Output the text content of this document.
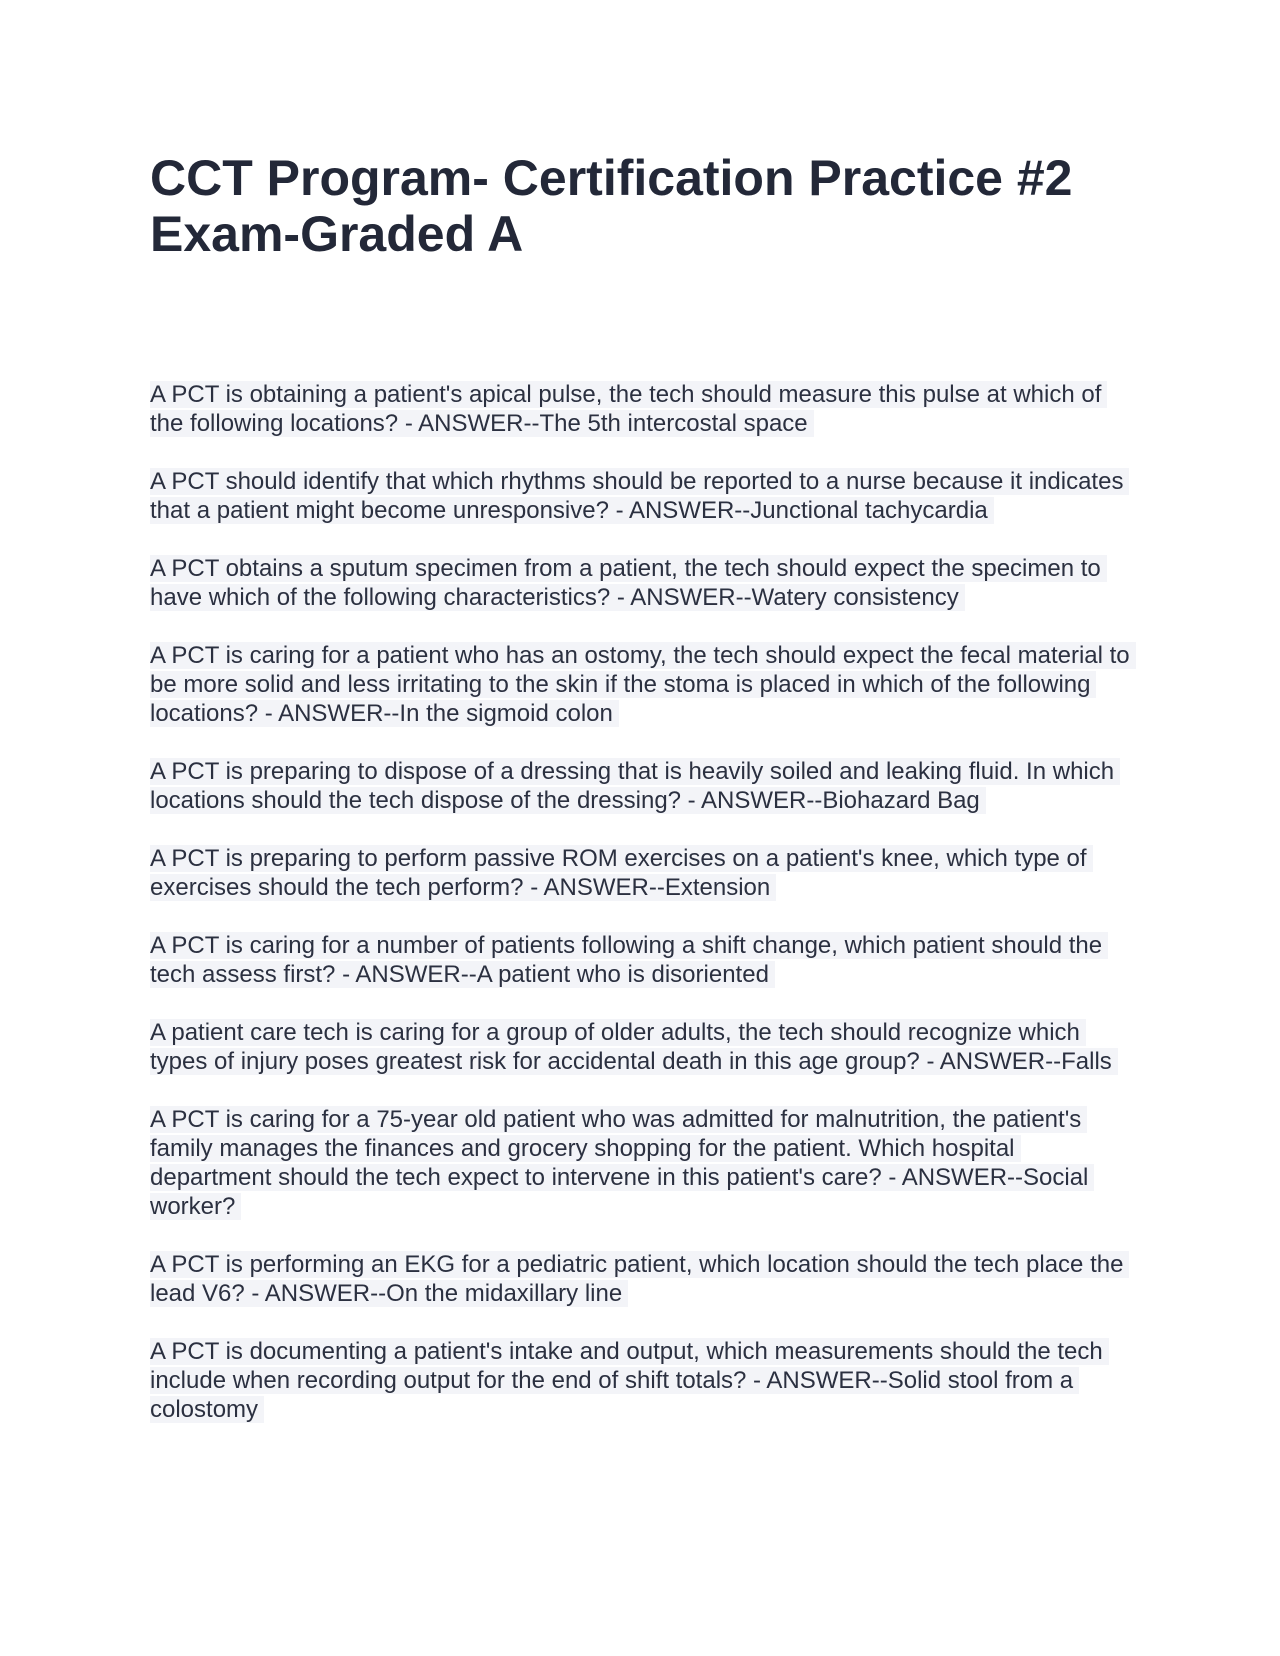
CCT Program- Certification Practice #2 Exam-Graded A

A PCT is obtaining a patient's apical pulse, the tech should measure this pulse at which of the following locations? - ANSWER--The 5th intercostal space

A PCT should identify that which rhythms should be reported to a nurse because it indicates that a patient might become unresponsive? - ANSWER--Junctional tachycardia

A PCT obtains a sputum specimen from a patient, the tech should expect the specimen to have which of the following characteristics? - ANSWER--Watery consistency

A PCT is caring for a patient who has an ostomy, the tech should expect the fecal material to be more solid and less irritating to the skin if the stoma is placed in which of the following locations? - ANSWER--In the sigmoid colon

A PCT is preparing to dispose of a dressing that is heavily soiled and leaking fluid. In which locations should the tech dispose of the dressing? - ANSWER--Biohazard Bag

A PCT is preparing to perform passive ROM exercises on a patient's knee, which type of exercises should the tech perform? - ANSWER--Extension

A PCT is caring for a number of patients following a shift change, which patient should the tech assess first? - ANSWER--A patient who is disoriented

A patient care tech is caring for a group of older adults, the tech should recognize which types of injury poses greatest risk for accidental death in this age group? - ANSWER--Falls

A PCT is caring for a 75-year old patient who was admitted for malnutrition, the patient's family manages the finances and grocery shopping for the patient. Which hospital department should the tech expect to intervene in this patient's care? - ANSWER--Social worker?

A PCT is performing an EKG for a pediatric patient, which location should the tech place the lead V6? - ANSWER--On the midaxillary line

A PCT is documenting a patient's intake and output, which measurements should the tech include when recording output for the end of shift totals? - ANSWER--Solid stool from a colostomy
